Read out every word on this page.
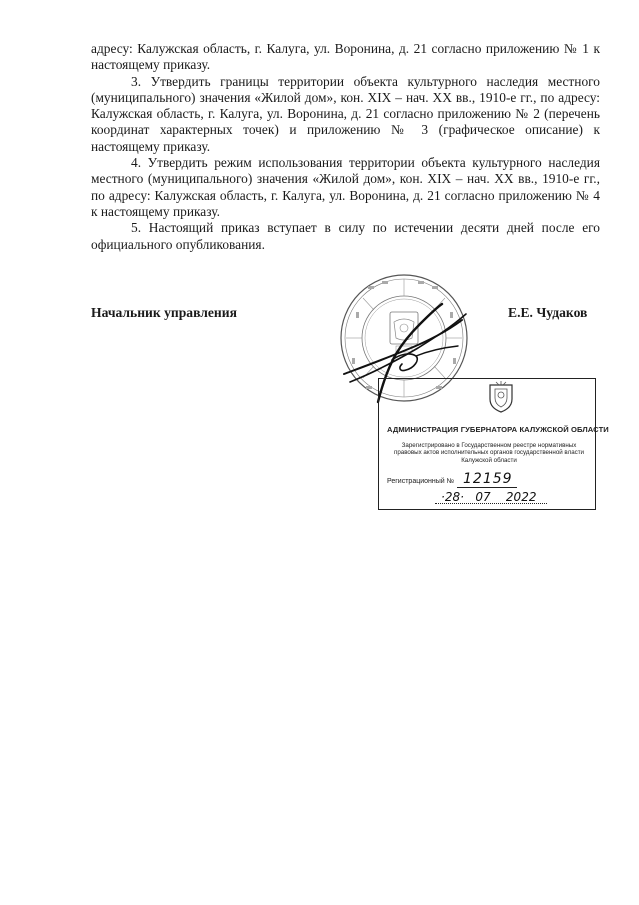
адресу: Калужская область, г. Калуга, ул. Воронина, д. 21 согласно приложению № 1 к настоящему приказу.

3. Утвердить границы территории объекта культурного наследия местного (муниципального) значения «Жилой дом», кон. XIX – нач. XX вв., 1910-е гг., по адресу: Калужская область, г. Калуга, ул. Воронина, д. 21 согласно приложению № 2 (перечень координат характерных точек) и приложению № 3 (графическое описание) к настоящему приказу.

4. Утвердить режим использования территории объекта культурного наследия местного (муниципального) значения «Жилой дом», кон. XIX – нач. XX вв., 1910-е гг., по адресу: Калужская область, г. Калуга, ул. Воронина, д. 21 согласно приложению № 4 к настоящему приказу.

5. Настоящий приказ вступает в силу по истечении десяти дней после его официального опубликования.

Начальник управления	Е.Е. Чудаков
АДМИНИСТРАЦИЯ ГУБЕРНАТОРА КАЛУЖСКОЙ ОБЛАСТИ
Зарегистрировано в Государственном реестре нормативных правовых актов исполнительных органов государственной власти Калужской области
Регистрационный № 12159
·28·   07 2022
